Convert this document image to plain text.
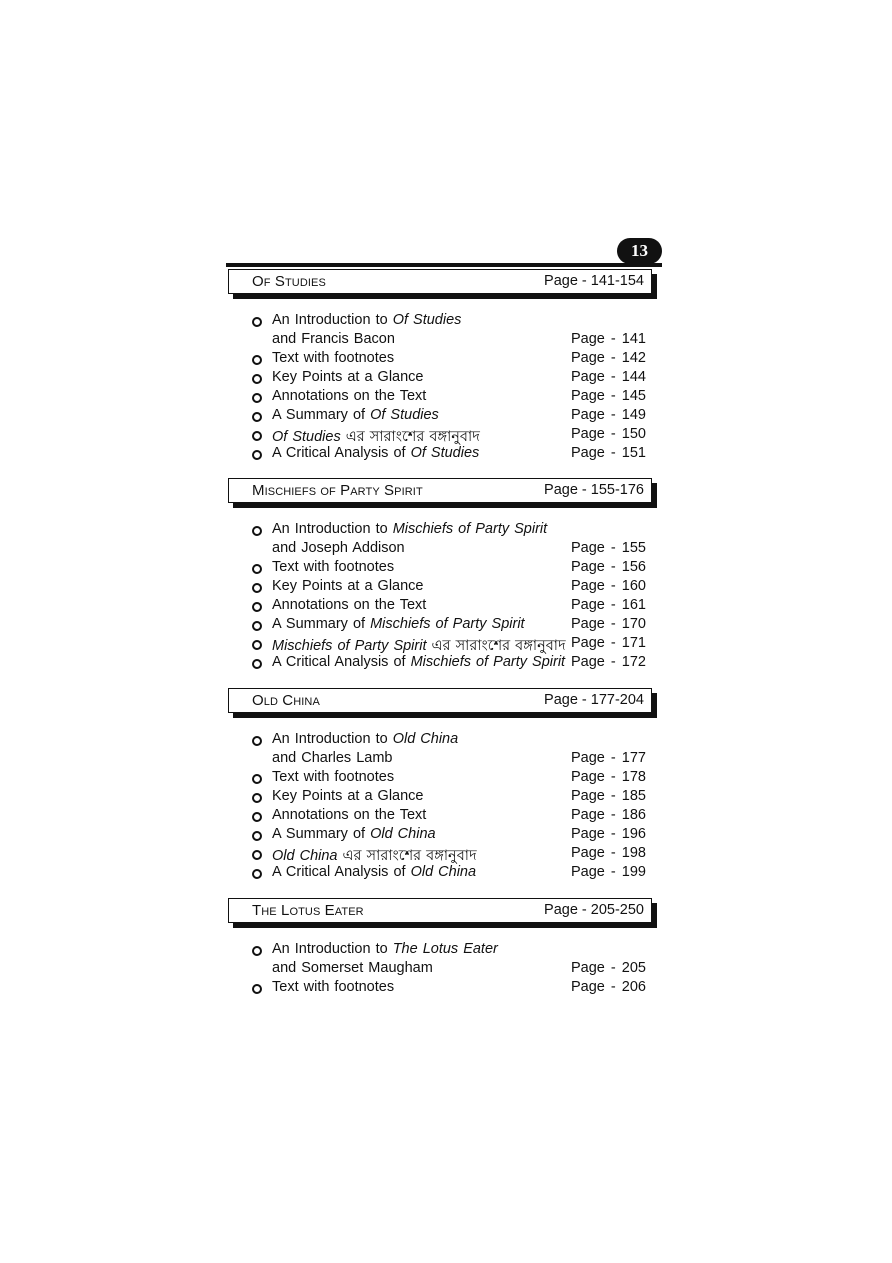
13
Of Studies	Page - 141-154
An Introduction to Of Studies
and Francis Bacon	Page - 141
Text with footnotes	Page - 142
Key Points at a Glance	Page - 144
Annotations on the Text	Page - 145
A Summary of Of Studies	Page - 149
Of Studies এর সারাংশের বঙ্গানুবাদ	Page - 150
A Critical Analysis of Of Studies	Page - 151
Mischiefs of Party Spirit	Page - 155-176
An Introduction to Mischiefs of Party Spirit
and Joseph Addison	Page - 155
Text with footnotes	Page - 156
Key Points at a Glance	Page - 160
Annotations on the Text	Page - 161
A Summary of Mischiefs of Party Spirit	Page - 170
Mischiefs of Party Spirit এর সারাংশের বঙ্গানুবাদ Page - 171
A Critical Analysis of Mischiefs of Party Spirit Page - 172
Old China	Page - 177-204
An Introduction to Old China
and Charles Lamb	Page - 177
Text with footnotes	Page - 178
Key Points at a Glance	Page - 185
Annotations on the Text	Page - 186
A Summary of Old China	Page - 196
Old China এর সারাংশের বঙ্গানুবাদ	Page - 198
A Critical Analysis of Old China	Page - 199
The Lotus Eater	Page - 205-250
An Introduction to The Lotus Eater
and Somerset Maugham	Page - 205
Text with footnotes	Page - 206
